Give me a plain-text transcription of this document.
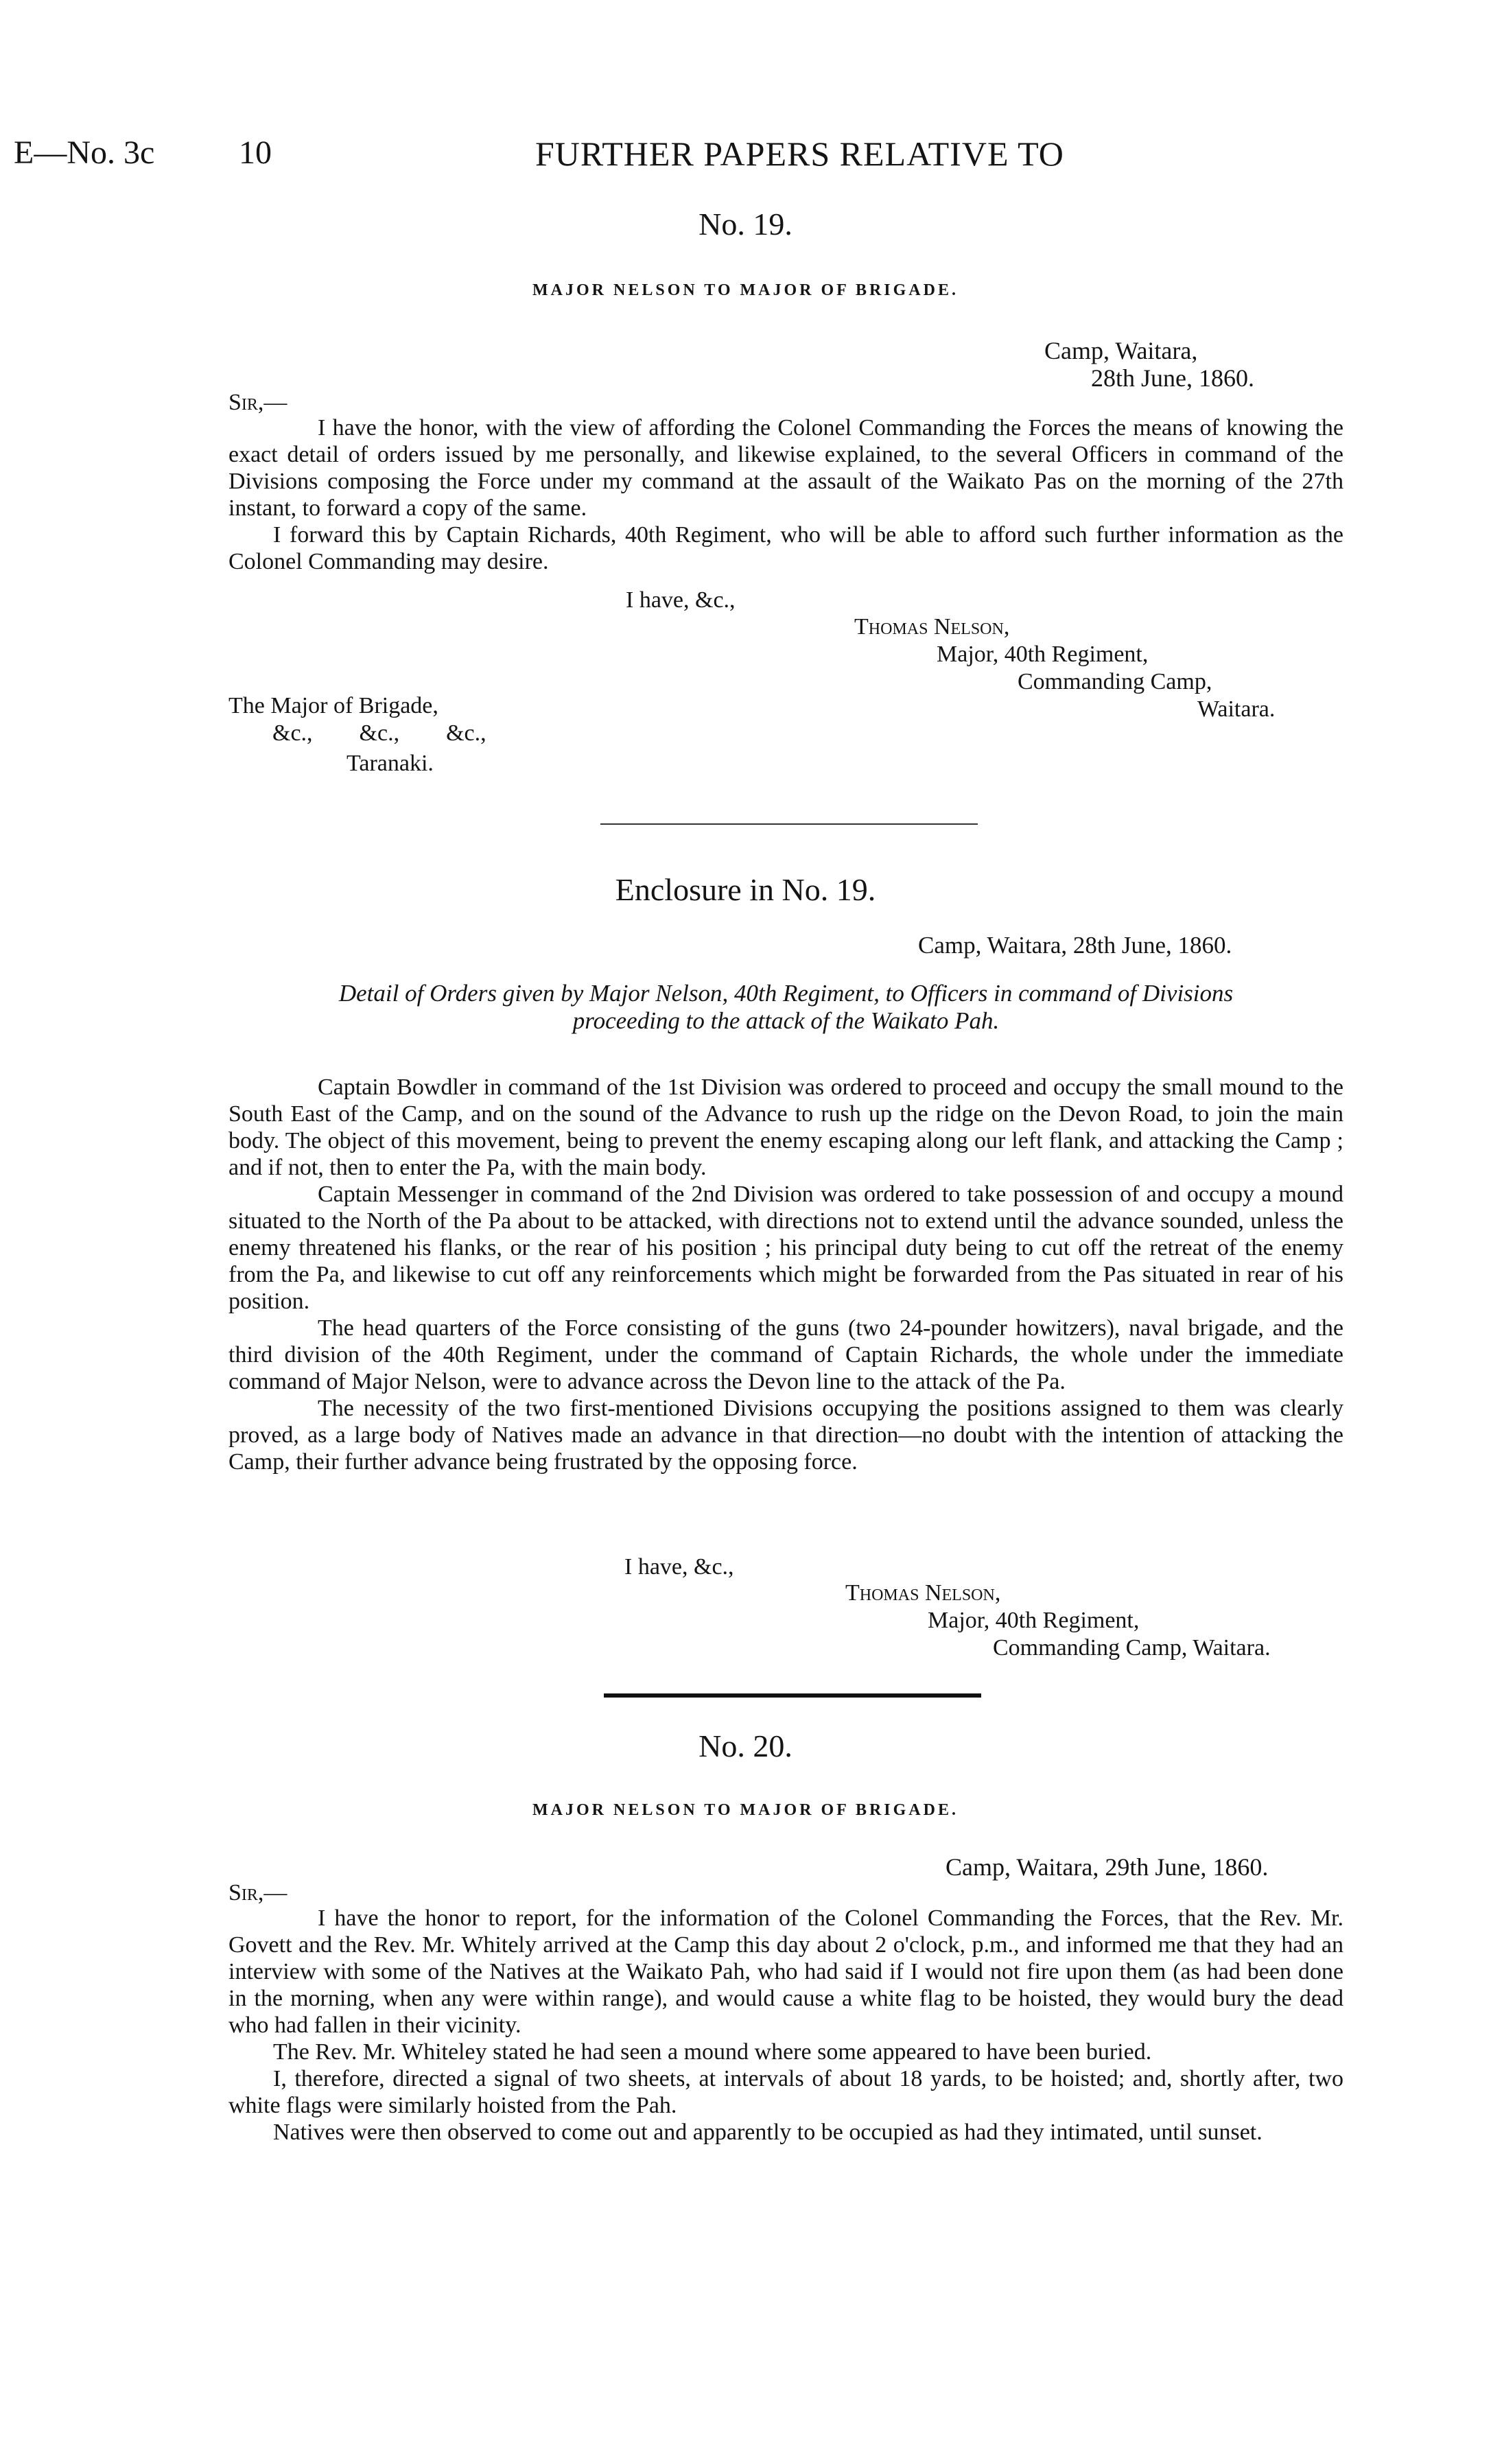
E—No. 3c	10	FURTHER PAPERS RELATIVE TO
No. 19.
MAJOR NELSON TO MAJOR OF BRIGADE.
Camp, Waitara,
28th June, 1860.
Sir,—

I have the honor, with the view of affording the Colonel Commanding the Forces the means of knowing the exact detail of orders issued by me personally, and likewise explained, to the several Officers in command of the Divisions composing the Force under my command at the assault of the Waikato Pas on the morning of the 27th instant, to forward a copy of the same.

I forward this by Captain Richards, 40th Regiment, who will be able to afford such further information as the Colonel Commanding may desire.

I have, &c.,
Thomas Nelson,
Major, 40th Regiment,
Commanding Camp,
Waitara.
The Major of Brigade,
&c.,        &c.,        &c.,
Taranaki.
Enclosure in No. 19.
Camp, Waitara, 28th June, 1860.
Detail of Orders given by Major Nelson, 40th Regiment, to Officers in command of Divisions
proceeding to the attack of the Waikato Pah.

Captain Bowdler in command of the 1st Division was ordered to proceed and occupy the small mound to the South East of the Camp, and on the sound of the Advance to rush up the ridge on the Devon Road, to join the main body. The object of this movement, being to prevent the enemy escaping along our left flank, and attacking the Camp ; and if not, then to enter the Pa, with the main body.

Captain Messenger in command of the 2nd Division was ordered to take possession of and occupy a mound situated to the North of the Pa about to be attacked, with directions not to extend until the advance sounded, unless the enemy threatened his flanks, or the rear of his position ; his principal duty being to cut off the retreat of the enemy from the Pa, and likewise to cut off any reinforcements which might be forwarded from the Pas situated in rear of his position.

The head quarters of the Force consisting of the guns (two 24-pounder howitzers), naval brigade, and the third division of the 40th Regiment, under the command of Captain Richards, the whole under the immediate command of Major Nelson, were to advance across the Devon line to the attack of the Pa.

The necessity of the two first-mentioned Divisions occupying the positions assigned to them was clearly proved, as a large body of Natives made an advance in that direction—no doubt with the intention of attacking the Camp, their further advance being frustrated by the opposing force.

I have, &c.,
Thomas Nelson,
Major, 40th Regiment,
Commanding Camp, Waitara.
No. 20.
MAJOR NELSON TO MAJOR OF BRIGADE.
Camp, Waitara, 29th June, 1860.
Sir,—

I have the honor to report, for the information of the Colonel Commanding the Forces, that the Rev. Mr. Govett and the Rev. Mr. Whitely arrived at the Camp this day about 2 o'clock, p.m., and informed me that they had an interview with some of the Natives at the Waikato Pah, who had said if I would not fire upon them (as had been done in the morning, when any were within range), and would cause a white flag to be hoisted, they would bury the dead who had fallen in their vicinity.

The Rev. Mr. Whiteley stated he had seen a mound where some appeared to have been buried.

I, therefore, directed a signal of two sheets, at intervals of about 18 yards, to be hoisted; and, shortly after, two white flags were similarly hoisted from the Pah.

Natives were then observed to come out and apparently to be occupied as had they intimated, until sunset.
